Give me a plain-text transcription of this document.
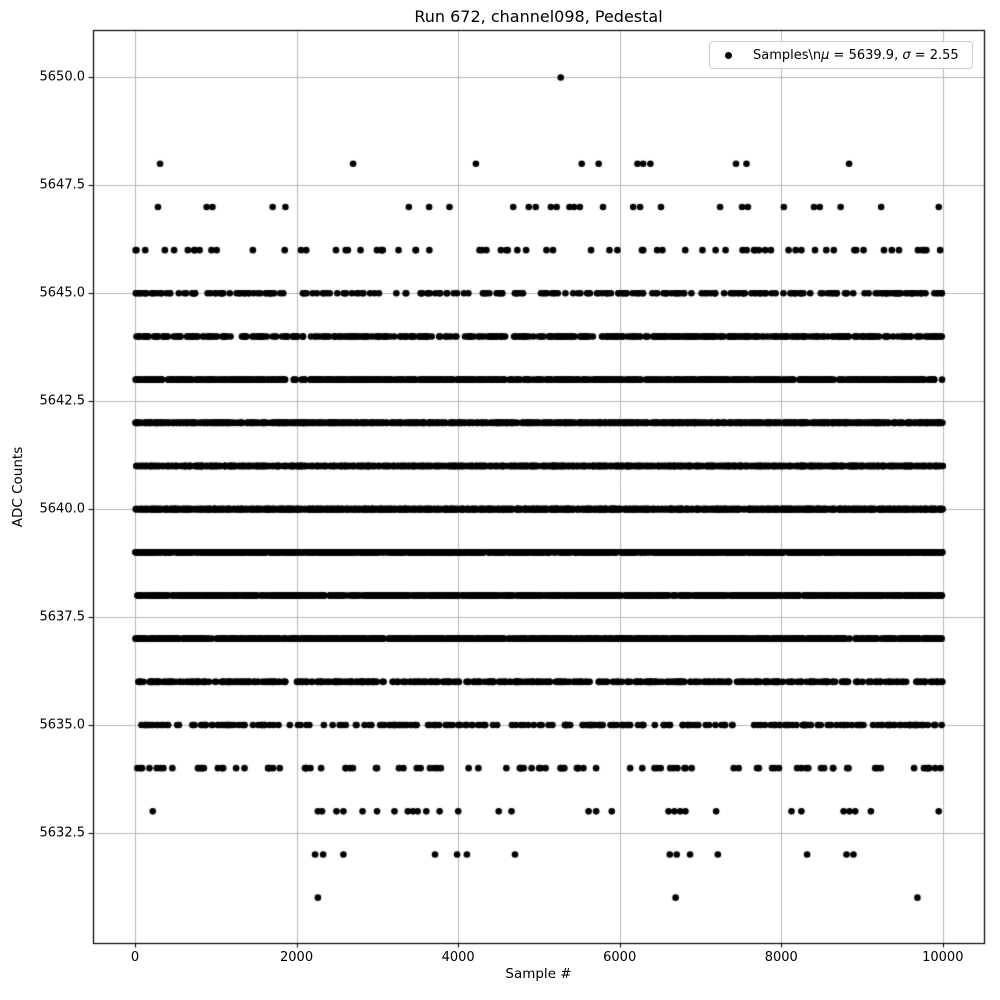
Run 672, channel098, Pedestal
ADC Counts
Sample #
0	2000	4000	6000	8000	10000
5632.5
5635.0
5637.5
5640.0
5642.5
5645.0
5647.5
5650.0
Samples\nμ = 5639.9, σ = 2.55
